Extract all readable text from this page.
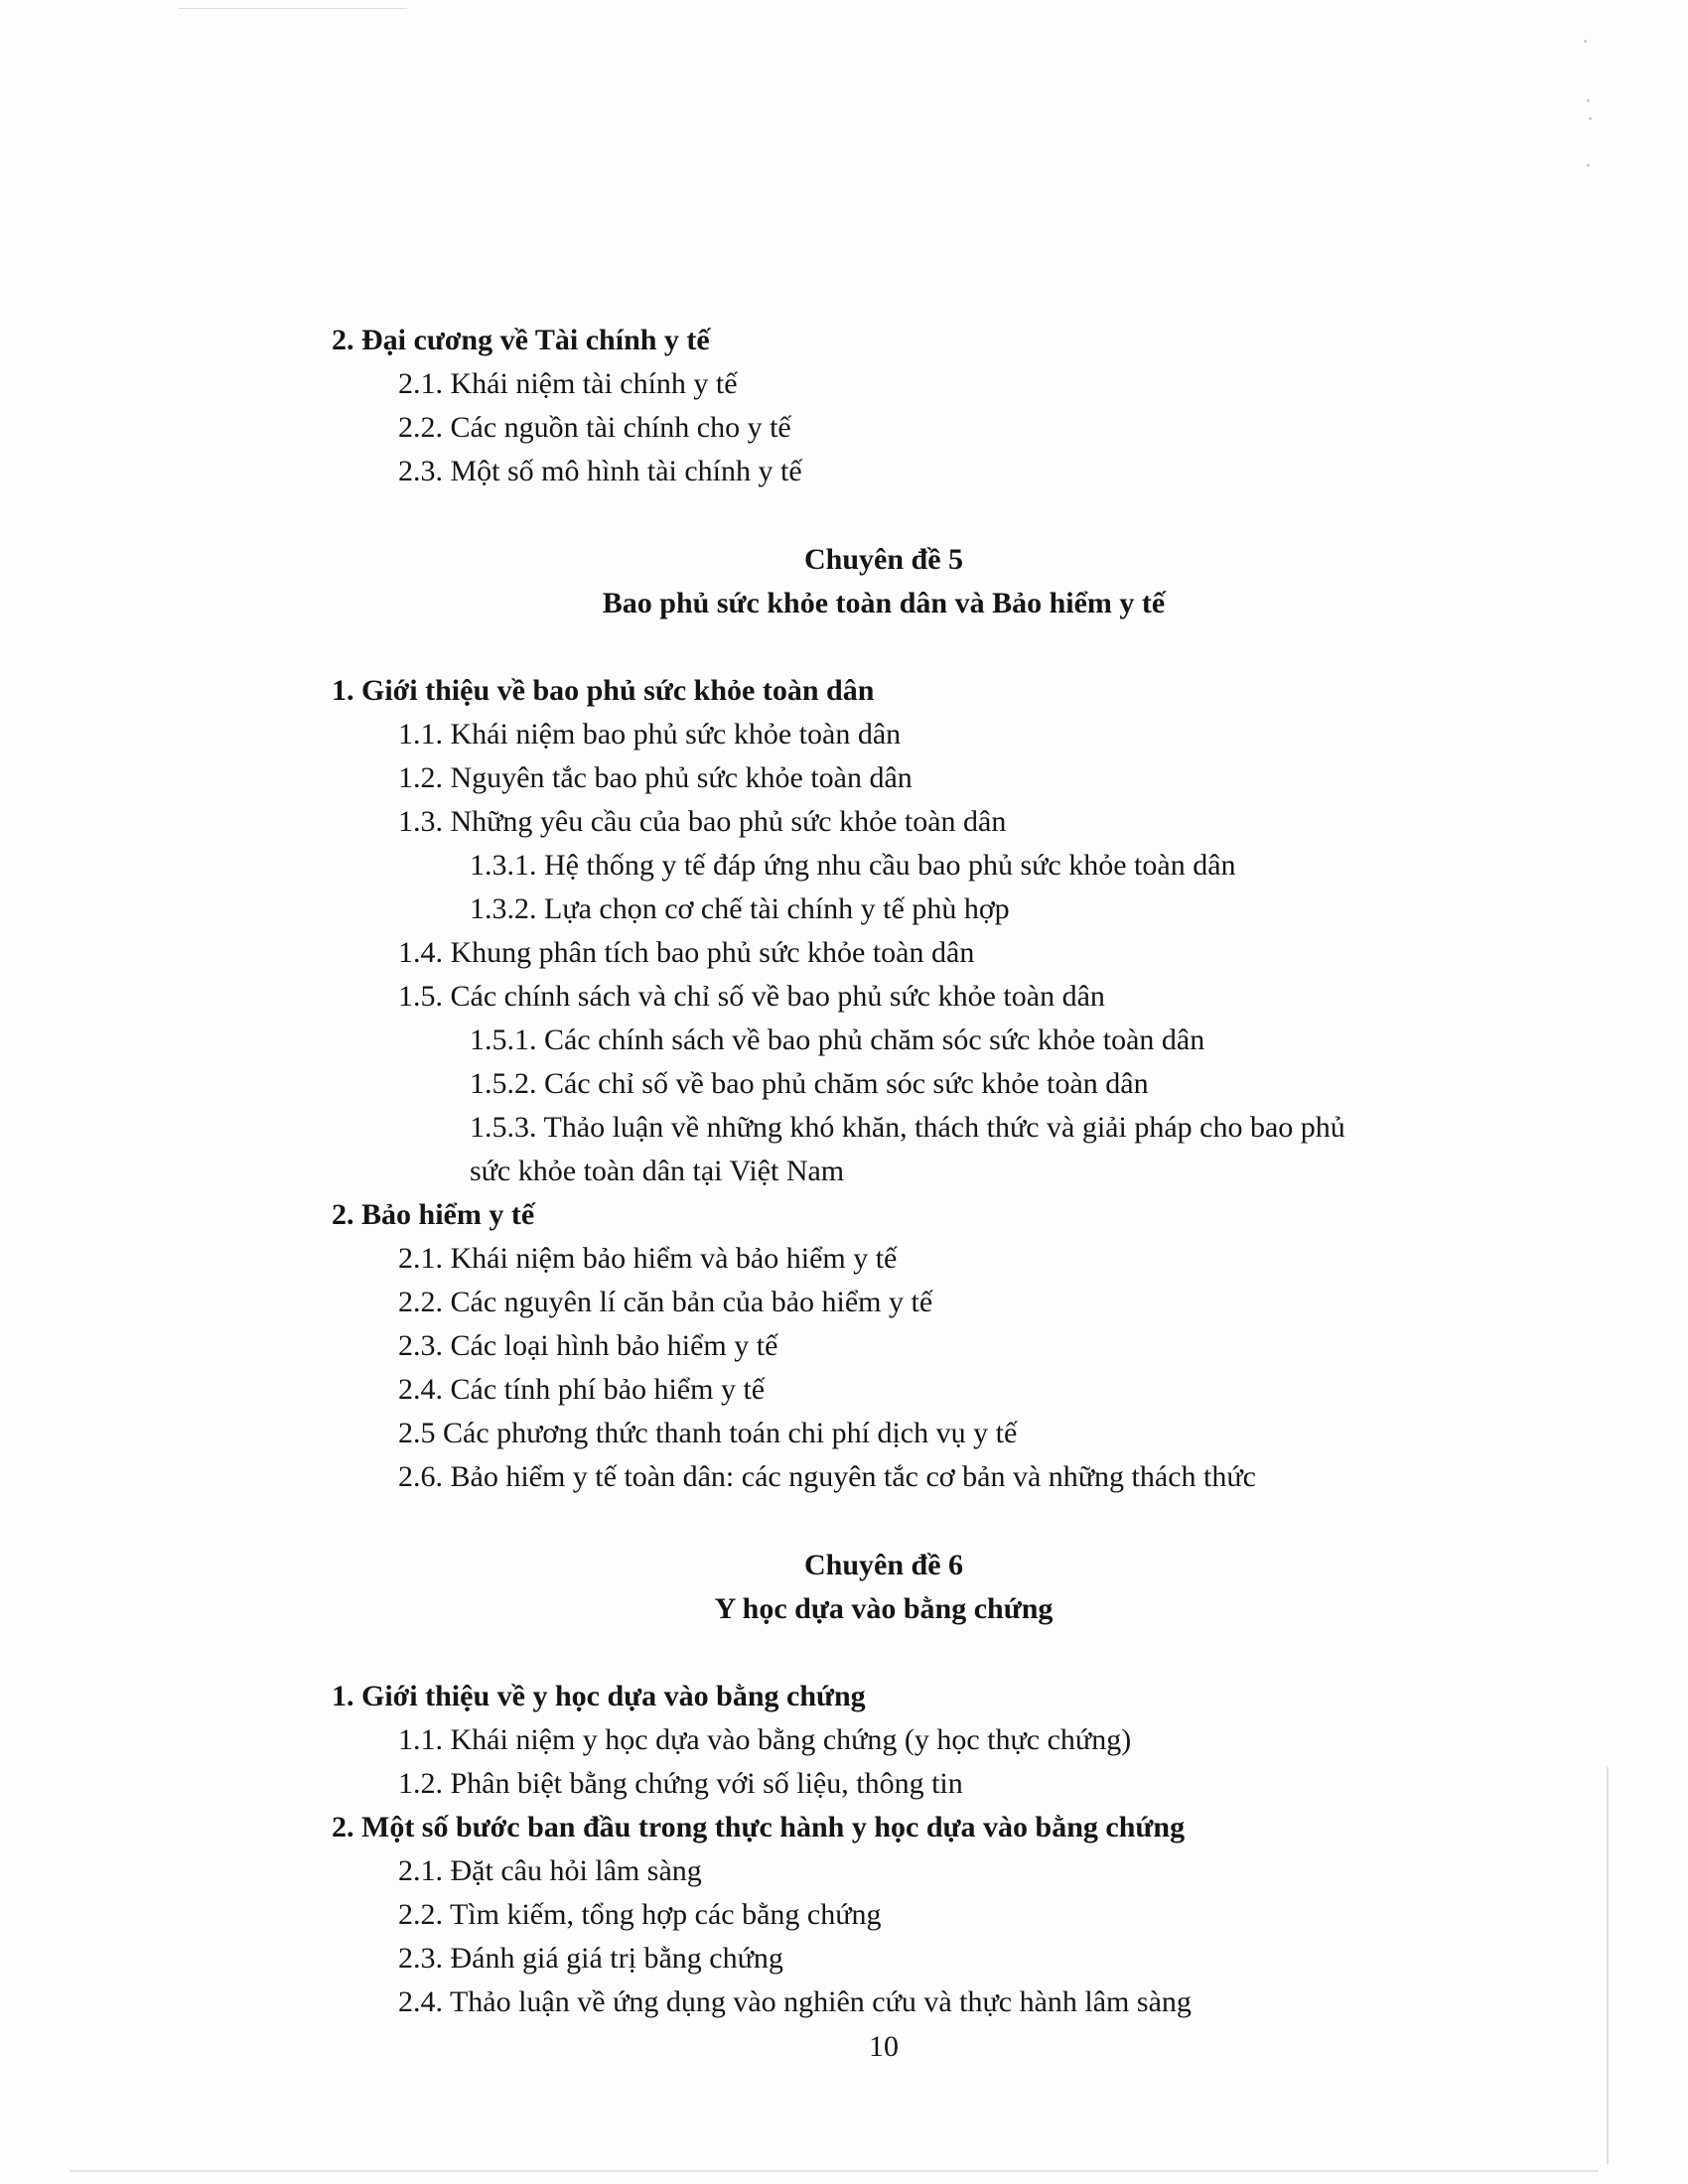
2. Đại cương về Tài chính y tế
2.1. Khái niệm tài chính y tế
2.2. Các nguồn tài chính cho y tế
2.3. Một số mô hình tài chính y tế
Chuyên đề 5
Bao phủ sức khỏe toàn dân và Bảo hiểm y tế
1. Giới thiệu về bao phủ sức khỏe toàn dân
1.1. Khái niệm bao phủ sức khỏe toàn dân
1.2. Nguyên tắc bao phủ sức khỏe toàn dân
1.3. Những yêu cầu của bao phủ sức khỏe toàn dân
1.3.1. Hệ thống y tế đáp ứng nhu cầu bao phủ sức khỏe toàn dân
1.3.2. Lựa chọn cơ chế tài chính y tế phù hợp
1.4. Khung phân tích bao phủ sức khỏe toàn dân
1.5. Các chính sách và chỉ số về bao phủ sức khỏe toàn dân
1.5.1. Các chính sách về bao phủ chăm sóc sức khỏe toàn dân
1.5.2. Các chỉ số về bao phủ chăm sóc sức khỏe toàn dân
1.5.3. Thảo luận về những khó khăn, thách thức và giải pháp cho bao phủ
sức khỏe toàn dân tại Việt Nam
2. Bảo hiểm y tế
2.1. Khái niệm bảo hiểm và bảo hiểm y tế
2.2. Các nguyên lí căn bản của bảo hiểm y tế
2.3. Các loại hình bảo hiểm y tế
2.4. Các tính phí bảo hiểm y tế
2.5 Các phương thức thanh toán chi phí dịch vụ y tế
2.6. Bảo hiểm y tế toàn dân: các nguyên tắc cơ bản và những thách thức
Chuyên đề 6
Y học dựa vào bằng chứng
1. Giới thiệu về y học dựa vào bằng chứng
1.1. Khái niệm y học dựa vào bằng chứng (y học thực chứng)
1.2. Phân biệt bằng chứng với số liệu, thông tin
2. Một số bước ban đầu trong thực hành y học dựa vào bằng chứng
2.1. Đặt câu hỏi lâm sàng
2.2. Tìm kiếm, tổng hợp các bằng chứng
2.3. Đánh giá giá trị bằng chứng
2.4. Thảo luận về ứng dụng vào nghiên cứu và thực hành lâm sàng
10
